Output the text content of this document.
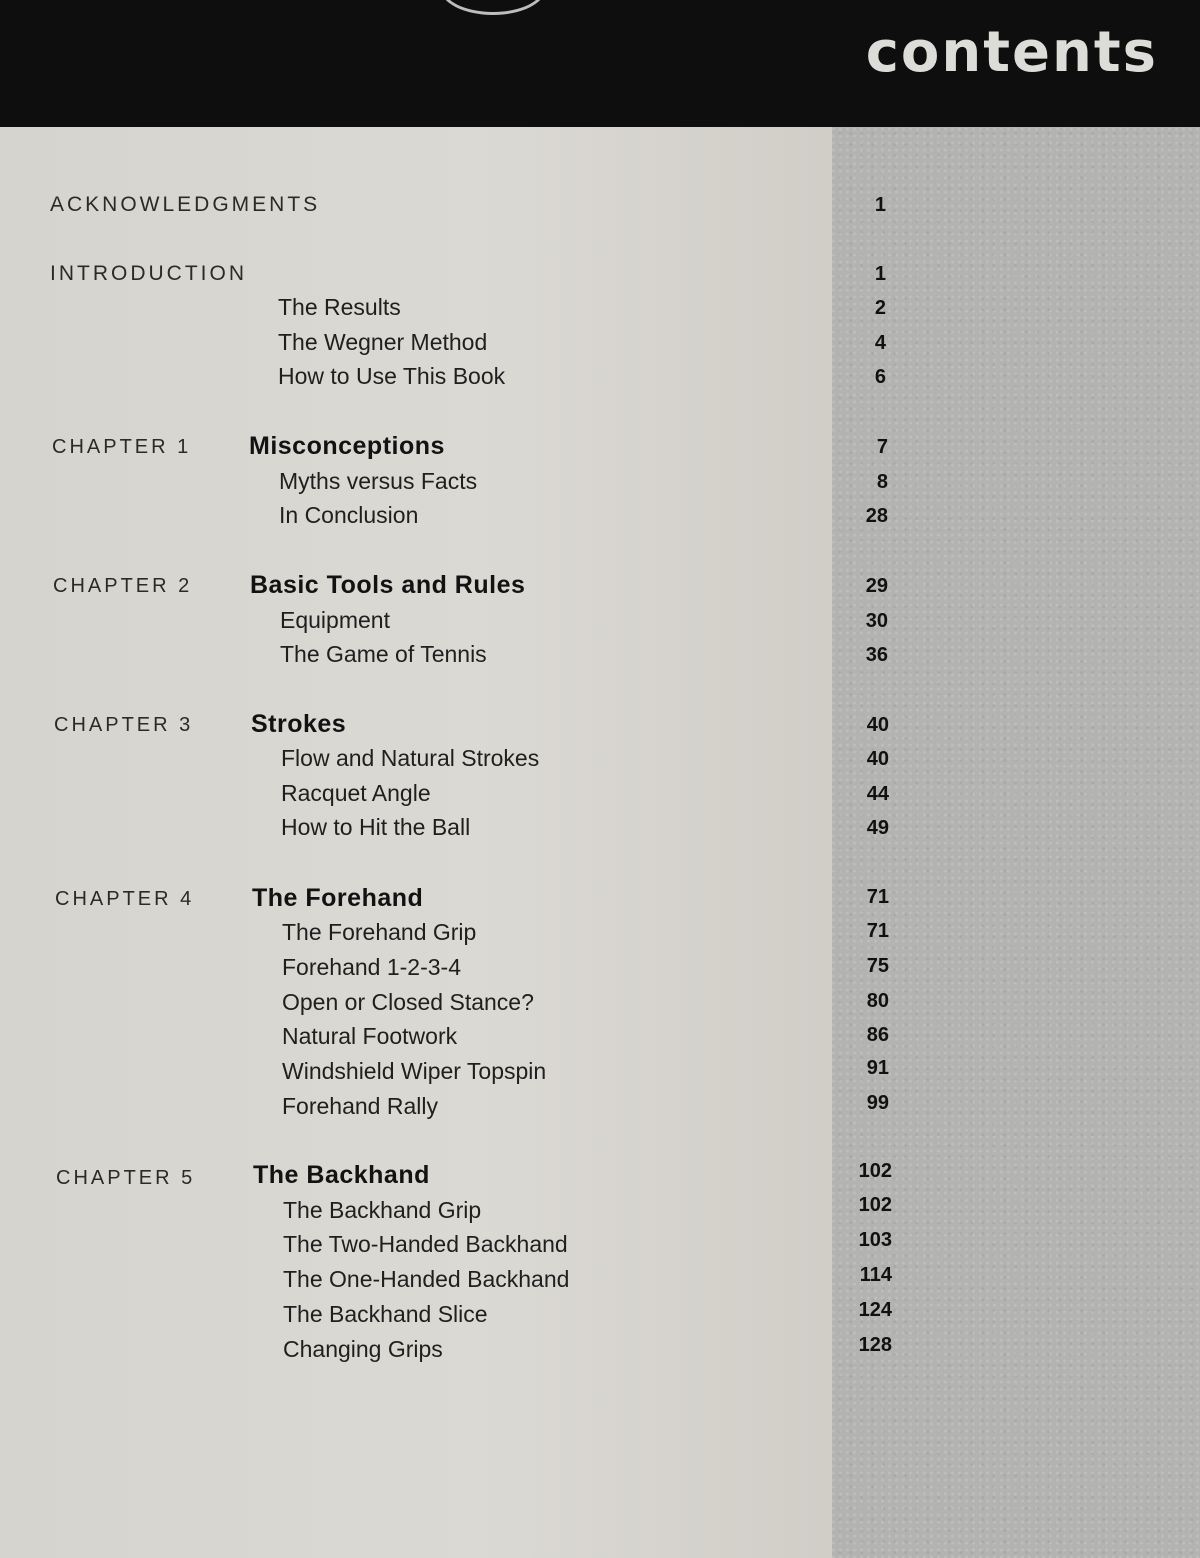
contents
ACKNOWLEDGMENTS	1
INTRODUCTION	1
The Results	2
The Wegner Method	4
How to Use This Book	6
CHAPTER 1 Misconceptions	7
Myths versus Facts	8
In Conclusion	28
CHAPTER 2 Basic Tools and Rules	29
Equipment	30
The Game of Tennis	36
CHAPTER 3 Strokes	40
Flow and Natural Strokes	40
Racquet Angle	44
How to Hit the Ball	49
CHAPTER 4 The Forehand	71
The Forehand Grip	71
Forehand 1-2-3-4	75
Open or Closed Stance?	80
Natural Footwork	86
Windshield Wiper Topspin	91
Forehand Rally	99
CHAPTER 5 The Backhand	102
The Backhand Grip	102
The Two-Handed Backhand	103
The One-Handed Backhand	114
The Backhand Slice	124
Changing Grips	128
